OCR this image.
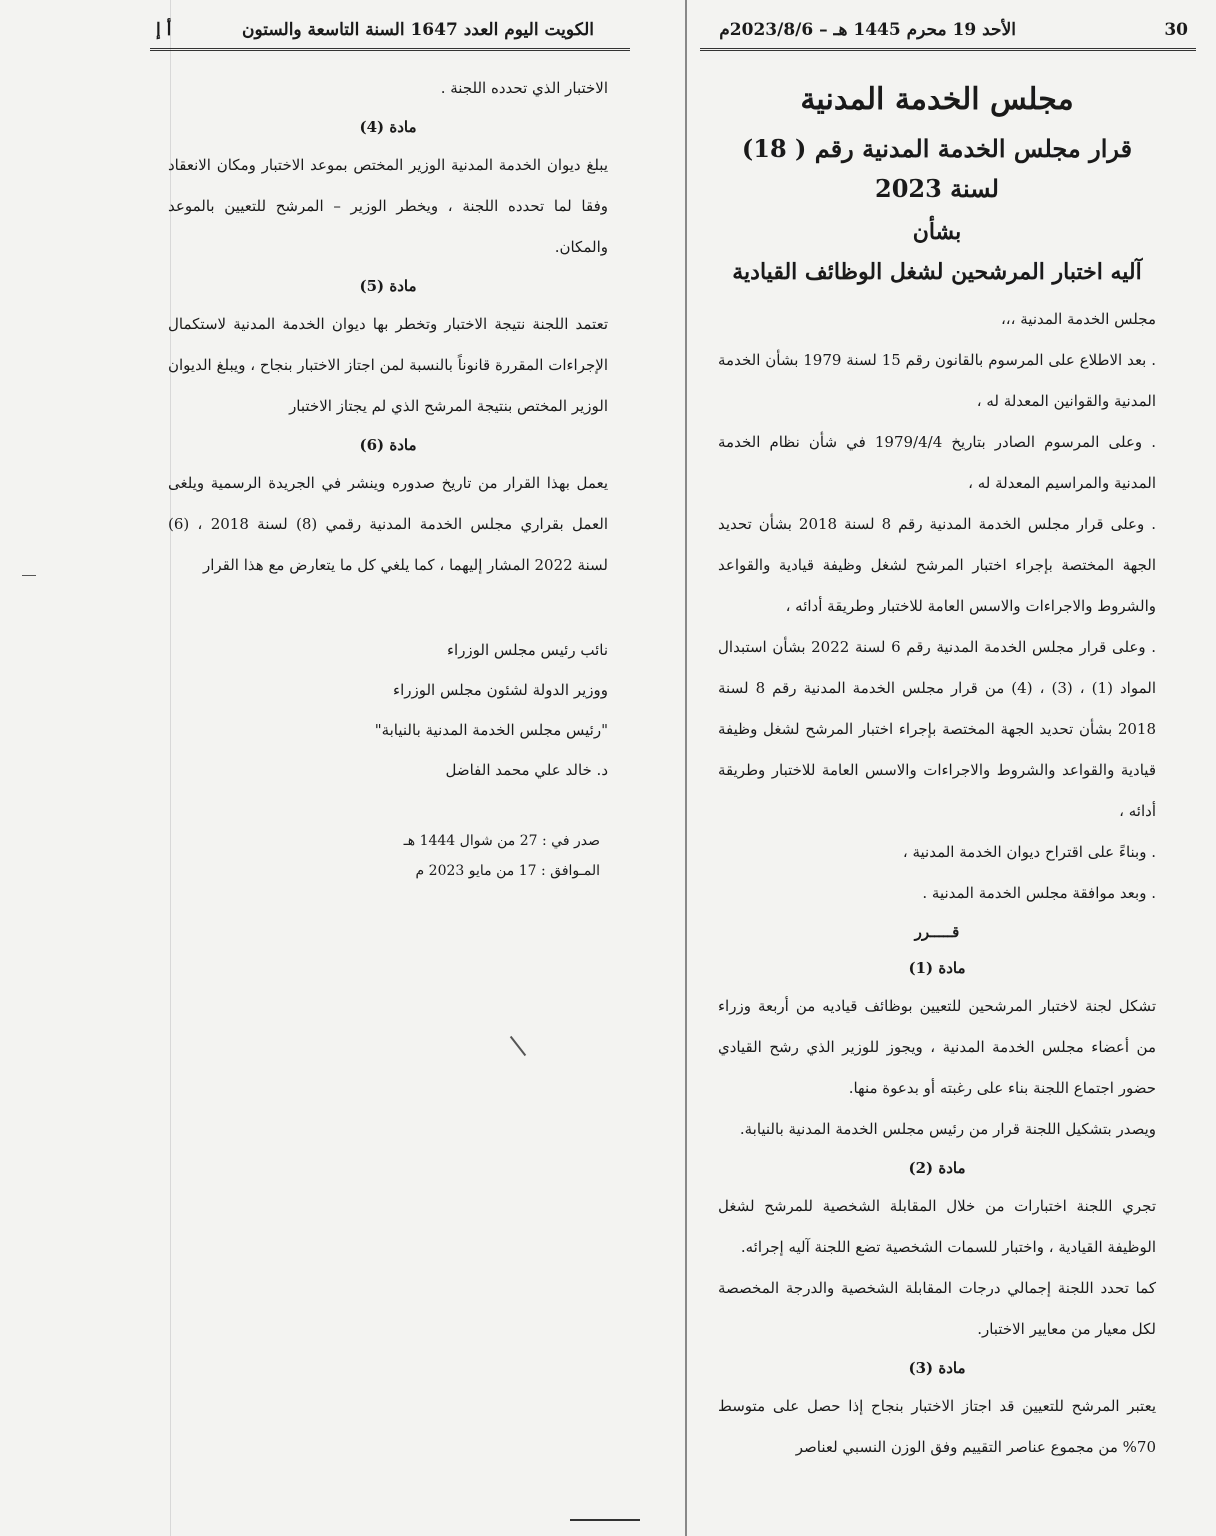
30
الأحد 19 محرم 1445 هـ – 2023/8/6م
الكويت اليوم العدد 1647 السنة التاسعة والستون
أ إ
مجلس الخدمة المدنية
قرار مجلس الخدمة المدنية رقم ( 18) لسنة 2023
بشأن
آليه اختبار المرشحين لشغل الوظائف القيادية

مجلس الخدمة المدنية ،،،

. بعد الاطلاع على المرسوم بالقانون رقم 15 لسنة 1979 بشأن الخدمة المدنية والقوانين المعدلة له ،

. وعلى المرسوم الصادر بتاريخ 1979/4/4 في شأن نظام الخدمة المدنية والمراسيم المعدلة له ،

. وعلى قرار مجلس الخدمة المدنية رقم 8 لسنة 2018 بشأن تحديد الجهة المختصة بإجراء اختبار المرشح لشغل وظيفة قيادية والقواعد والشروط والاجراءات والاسس العامة للاختبار وطريقة أدائه ،

. وعلى قرار مجلس الخدمة المدنية رقم 6 لسنة 2022 بشأن استبدال المواد (1) ، (3) ، (4) من قرار مجلس الخدمة المدنية رقم 8 لسنة 2018 بشأن تحديد الجهة المختصة بإجراء اختبار المرشح لشغل وظيفة قيادية والقواعد والشروط والاجراءات والاسس العامة للاختبار وطريقة أدائه ،

. وبناءً على اقتراح ديوان الخدمة المدنية ،

. وبعد موافقة مجلس الخدمة المدنية .

قـــــرر
مادة (1)

تشكل لجنة لاختبار المرشحين للتعيين بوظائف قياديه من أربعة وزراء من أعضاء مجلس الخدمة المدنية ، ويجوز للوزير الذي رشح القيادي حضور اجتماع اللجنة بناء على رغبته أو بدعوة منها.

ويصدر بتشكيل اللجنة قرار من رئيس مجلس الخدمة المدنية بالنيابة.

مادة (2)

تجري اللجنة اختبارات من خلال المقابلة الشخصية للمرشح لشغل الوظيفة القيادية ، واختبار للسمات الشخصية تضع اللجنة آليه إجرائه.

كما تحدد اللجنة إجمالي درجات المقابلة الشخصية والدرجة المخصصة لكل معيار من معايير الاختبار.

مادة (3)

يعتبر المرشح للتعيين قد اجتاز الاختبار بنجاح إذا حصل على متوسط 70% من مجموع عناصر التقييم وفق الوزن النسبي لعناصر

الاختبار الذي تحدده اللجنة .

مادة (4)

يبلغ ديوان الخدمة المدنية الوزير المختص بموعد الاختبار ومكان الانعقاد وفقا لما تحدده اللجنة ، ويخطر الوزير – المرشح للتعيين بالموعد والمكان.

مادة (5)

تعتمد اللجنة نتيجة الاختبار وتخطر بها ديوان الخدمة المدنية لاستكمال الإجراءات المقررة قانوناً بالنسبة لمن اجتاز الاختبار بنجاح ، ويبلغ الديوان الوزير المختص بنتيجة المرشح الذي لم يجتاز الاختبار

مادة (6)

يعمل بهذا القرار من تاريخ صدوره وينشر في الجريدة الرسمية ويلغى العمل بقراري مجلس الخدمة المدنية رقمي (8) لسنة 2018 ، (6) لسنة 2022 المشار إليهما ، كما يلغي كل ما يتعارض مع هذا القرار

نائب رئيس مجلس الوزراء
ووزير الدولة لشئون مجلس الوزراء
"رئيس مجلس الخدمة المدنية بالنيابة"
د. خالد علي محمد الفاضل
صدر في : 27 من شوال 1444 هـ
المـوافق : 17 من مايو 2023 م
